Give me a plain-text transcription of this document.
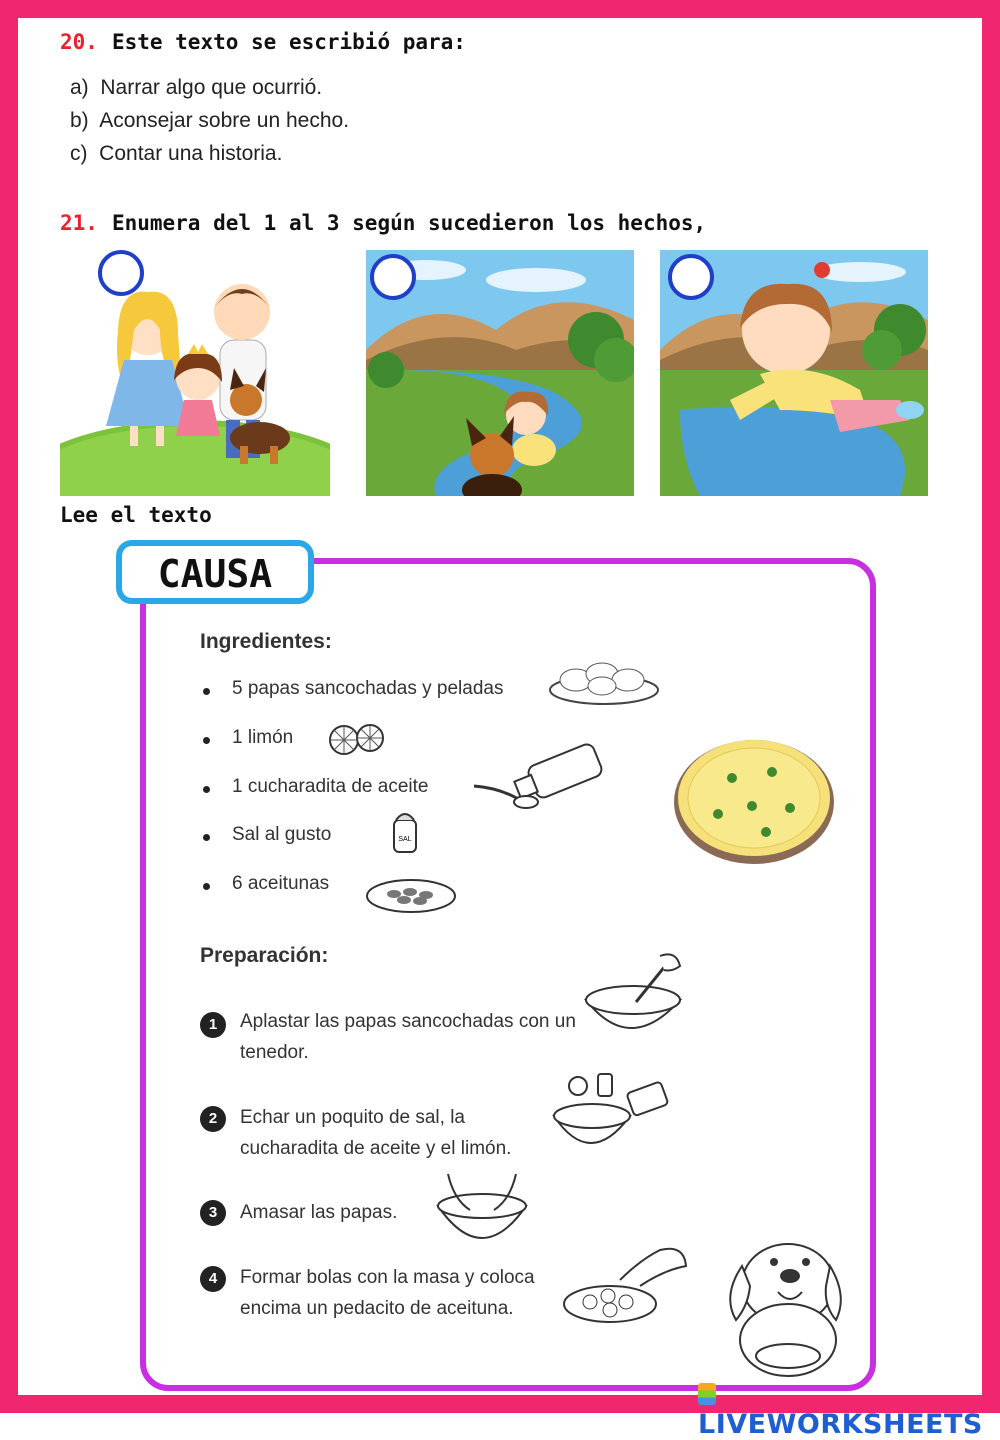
20. Este texto se escribió para:
a) Narrar algo que ocurrió.
b) Aconsejar sobre un hecho.
c) Contar una historia.
21. Enumera del 1 al 3 según sucedieron los hechos,
Lee el texto
CAUSA
Ingredientes:
5 papas sancochadas y peladas
1 limón
1 cucharadita de aceite
Sal al gusto
6 aceitunas
SAL
Preparación:
1	Aplastar las papas sancochadas con un tenedor.
2	Echar un poquito de sal, la cucharadita de aceite y el limón.
3	Amasar las papas.
4	Formar bolas con la masa y coloca encima un pedacito de aceituna.
LIVEWORKSHEETS
